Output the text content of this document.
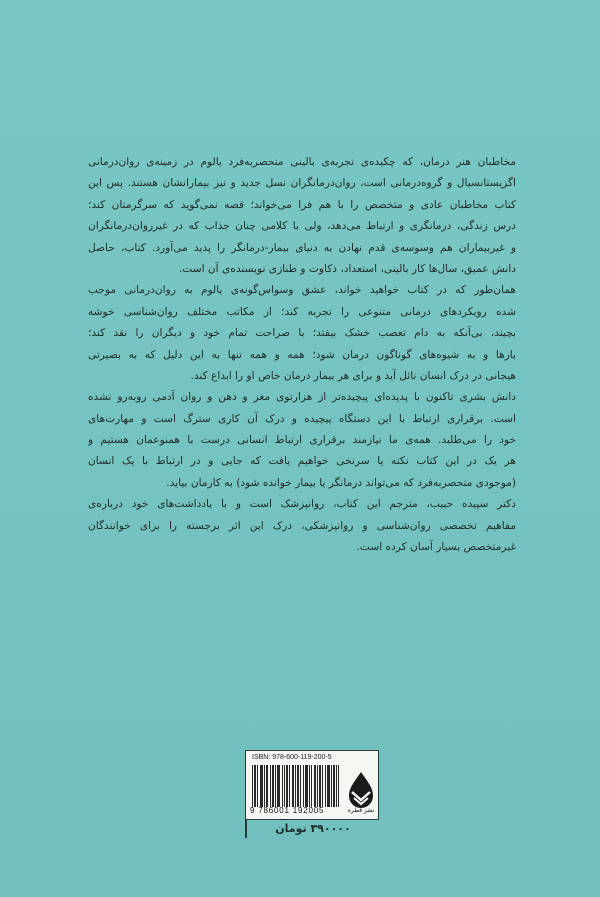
مخاطبان هنر درمان، که چکیده‌ی تجربه‌ی بالینی منحصربه‌فرد یالوم در زمینه‌ی روان‌درمانی
اگزیستانسیال و گروه‌درمانی است، روان‌درمانگران نسل جدید و نیز بیمارانشان هستند. پس این
کتاب مخاطبان عادی و متخصص را با هم فرا می‌خواند؛ قصه نمی‌گوید که سرگرمتان کند؛
درس زندگی، درمانگری و ارتباط می‌دهد، ولی با کلامی چنان جذاب که در غیرروان‌درمانگران
و غیربیماران هم وسوسه‌ی قدم نهادن به دنیای بیمار-درمانگر را پدید می‌آورد. کتاب، حاصل
دانش عمیق، سال‌ها کار بالینی، استعداد، ذکاوت و طنازی نویسنده‌ی آن است.
همان‌طور که در کتاب خواهید خواند، عشق وسواس‌گونه‌ی یالوم به روان‌درمانی موجب
شده رویکردهای درمانی متنوعی را تجربه کند؛ از مکاتب مختلف روان‌شناسی خوشه
بچیند، بی‌آنکه به دام تعصب خشک بیفتد؛ با صراحت تمام خود و دیگران را نقد کند؛
بارها و به شیوه‌های گوناگون درمان شود؛ همه و همه تنها به این دلیل که به بصیرتی
هیجانی در درک انسان نائل آید و برای هر بیمار درمان خاص او را ابداع کند.
دانش بشری تاکنون با پدیده‌ای پیچیده‌تر از هزارتوی مغز و ذهن و روان آدمی روبه‌رو نشده
است. برقراری ارتباط با این دستگاه پیچیده و درک آن کاری سترگ است و مهارت‌های
خود را می‌طلبد. همه‌ی ما نیازمند برقراری ارتباط انسانی درست با همنوعمان هستیم و
هر یک در این کتاب نکته یا سرنخی خواهیم یافت که جایی و در ارتباط با یک انسان
(موجودی منحصربه‌فرد که می‌تواند درمانگر یا بیمار خوانده شود) به کارمان بیاید.
دکتر سپیده حبیب، مترجم این کتاب، روانپزشک است و با یادداشت‌های خود درباره‌ی
مفاهیم تخصصی روان‌شناسی و روانپزشکی، درک این اثر برجسته را برای خوانندگان
غیرمتخصص بسیار آسان کرده است.
ISBN: 978-600-119-200-5
9 786001 192005	نشر قطره
۳۹۰۰۰۰ تومان
